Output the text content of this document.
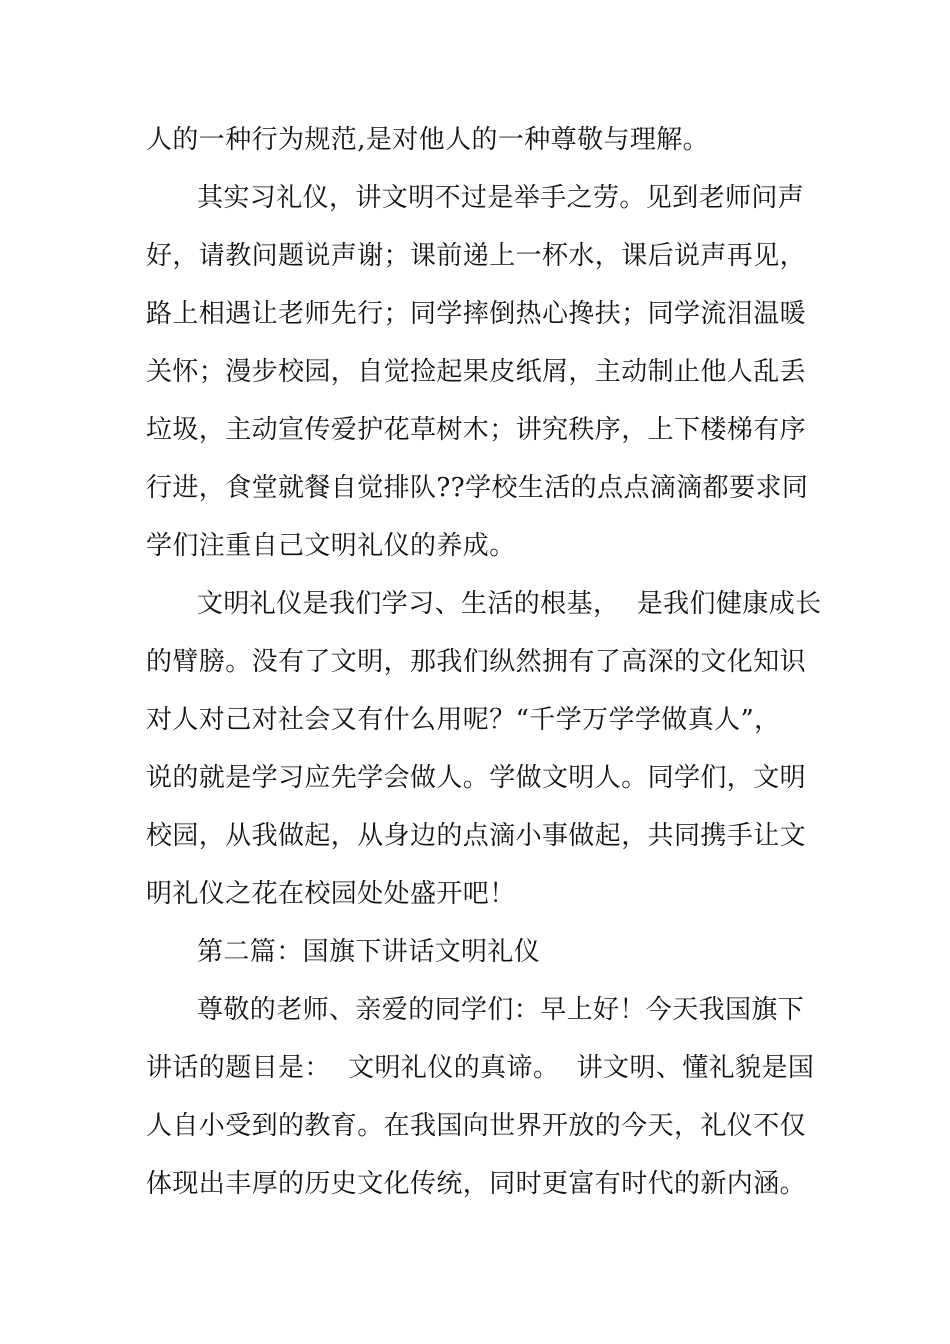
人的一种行为规范,是对他人的一种尊敬与理解。
其实习礼仪，讲文明不过是举手之劳。见到老师问声
好，请教问题说声谢；课前递上一杯水，课后说声再见，
路上相遇让老师先行；同学摔倒热心搀扶；同学流泪温暖
关怀；漫步校园，自觉捡起果皮纸屑，主动制止他人乱丢
垃圾，主动宣传爱护花草树木；讲究秩序，上下楼梯有序
行进，食堂就餐自觉排队??学校生活的点点滴滴都要求同
学们注重自己文明礼仪的养成。
文明礼仪是我们学习、生活的根基，  是我们健康成长
的臂膀。没有了文明，那我们纵然拥有了高深的文化知识
对人对己对社会又有什么用呢？“千学万学学做真人”，
说的就是学习应先学会做人。学做文明人。同学们，文明
校园，从我做起，从身边的点滴小事做起，共同携手让文
明礼仪之花在校园处处盛开吧！
第二篇：国旗下讲话文明礼仪
尊敬的老师、亲爱的同学们：早上好！今天我国旗下
讲话的题目是：  文明礼仪的真谛。  讲文明、懂礼貌是国
人自小受到的教育。在我国向世界开放的今天，礼仪不仅
体现出丰厚的历史文化传统，同时更富有时代的新内涵。
